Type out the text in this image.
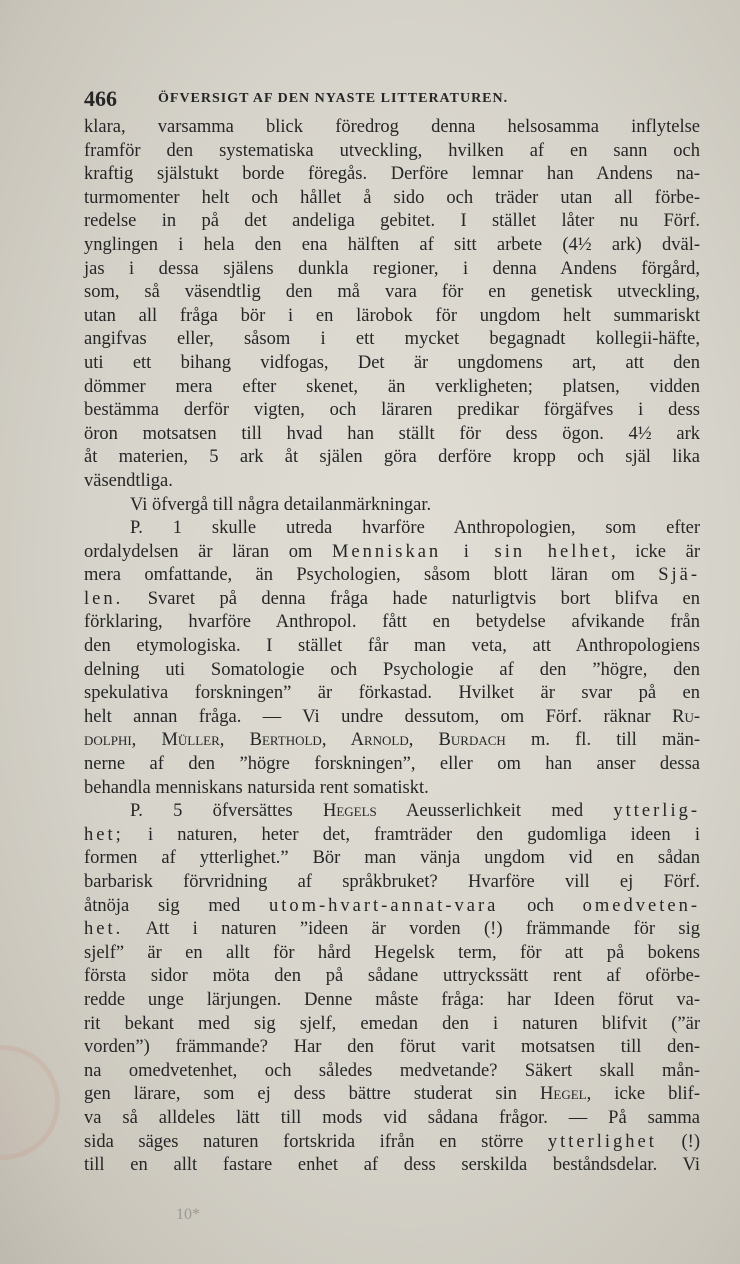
466	ÖFVERSIGT AF DEN NYASTE LITTERATUREN.
klara, varsamma blick föredrog denna helsosamma inflytelse
framför den systematiska utveckling, hvilken af en sann och
kraftig själstukt borde föregås. Derföre lemnar han Andens na-
turmomenter helt och hållet å sido och träder utan all förbe-
redelse in på det andeliga gebitet. I stället låter nu Förf.
ynglingen i hela den ena hälften af sitt arbete (4½ ark) dväl-
jas i dessa själens dunkla regioner, i denna Andens förgård,
som, så väsendtlig den må vara för en genetisk utveckling,
utan all fråga bör i en lärobok för ungdom helt summariskt
angifvas eller, såsom i ett mycket begagnadt kollegii-häfte,
uti ett bihang vidfogas, Det är ungdomens art, att den
dömmer mera efter skenet, än verkligheten; platsen, vidden
bestämma derför vigten, och läraren predikar förgäfves i dess
öron motsatsen till hvad han ställt för dess ögon. 4½ ark
åt materien, 5 ark åt själen göra derföre kropp och själ lika
väsendtliga.
Vi öfvergå till några detailanmärkningar.
P. 1 skulle utreda hvarföre Anthropologien, som efter
ordalydelsen är läran om Menniskan i sin helhet, icke är
mera omfattande, än Psychologien, såsom blott läran om Sjä-
len. Svaret på denna fråga hade naturligtvis bort blifva en
förklaring, hvarföre Anthropol. fått en betydelse afvikande från
den etymologiska. I stället får man veta, att Anthropologiens
delning uti Somatologie och Psychologie af den ”högre, den
spekulativa forskningen” är förkastad. Hvilket är svar på en
helt annan fråga. — Vi undre dessutom, om Förf. räknar Ru-
dolphi, Müller, Berthold, Arnold, Burdach m. fl. till män-
nerne af den ”högre forskningen”, eller om han anser dessa
behandla menniskans natursida rent somatiskt.
P. 5 öfversättes Hegels Aeusserlichkeit med ytterlig-
het; i naturen, heter det, framträder den gudomliga ideen i
formen af ytterlighet.” Bör man vänja ungdom vid en sådan
barbarisk förvridning af språkbruket? Hvarföre vill ej Förf.
åtnöja sig med utom-hvart-annat-vara och omedveten-
het. Att i naturen ”ideen är vorden (!) främmande för sig
sjelf” är en allt för hård Hegelsk term, för att på bokens
första sidor möta den på sådane uttryckssätt rent af oförbe-
redde unge lärjungen. Denne måste fråga: har Ideen förut va-
rit bekant med sig sjelf, emedan den i naturen blifvit (”är
vorden”) främmande? Har den förut varit motsatsen till den-
na omedvetenhet, och således medvetande? Säkert skall mån-
gen lärare, som ej dess bättre studerat sin Hegel, icke blif-
va så alldeles lätt till mods vid sådana frågor. — På samma
sida säges naturen fortskrida ifrån en större ytterlighet (!)
till en allt fastare enhet af dess serskilda beståndsdelar. Vi
10*
